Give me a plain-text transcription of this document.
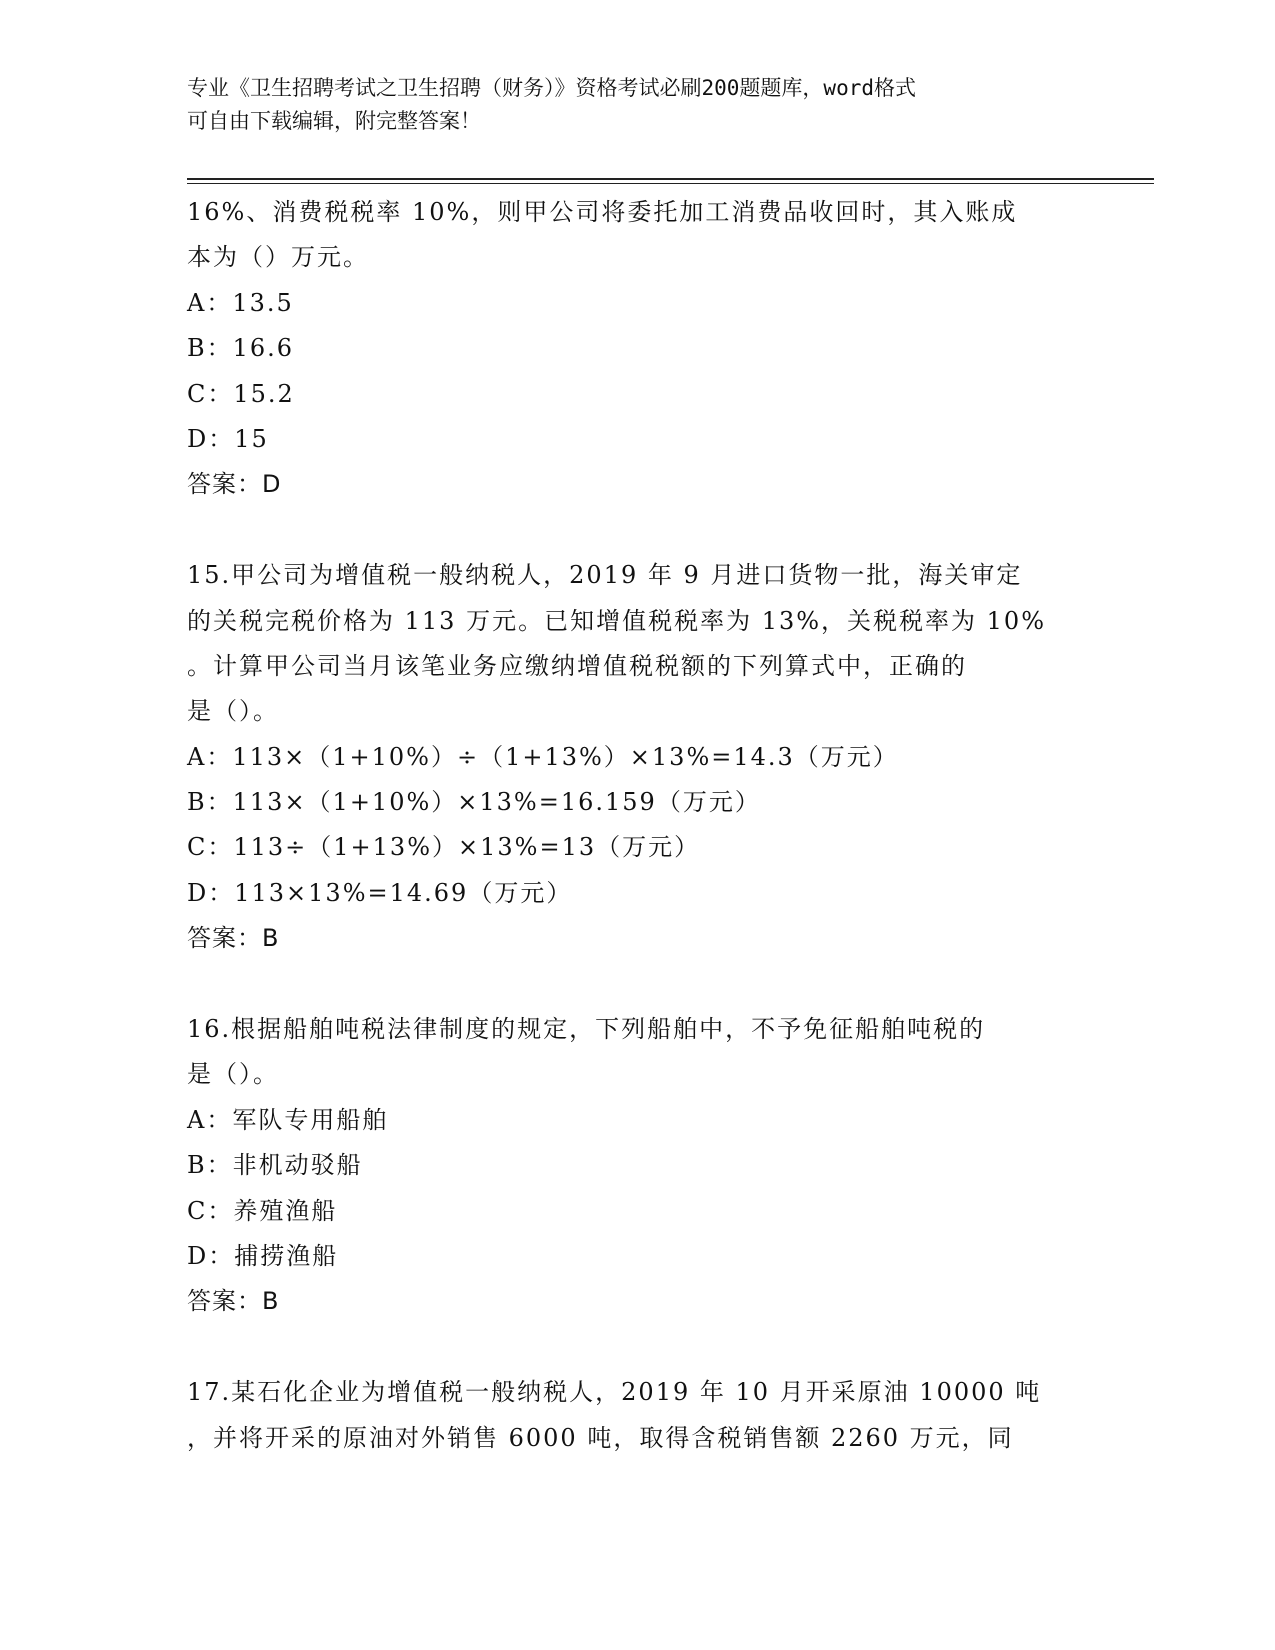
专业《卫生招聘考试之卫生招聘（财务）》资格考试必刷200题题库，word格式
可自由下载编辑，附完整答案！
16%、消费税税率 10%，则甲公司将委托加工消费品收回时，其入账成
本为（）万元。
A：13.5
B：16.6
C：15.2
D：15
答案：D
15.甲公司为增值税一般纳税人，2019 年 9 月进口货物一批，海关审定
的关税完税价格为 113 万元。已知增值税税率为 13%，关税税率为 10%
。计算甲公司当月该笔业务应缴纳增值税税额的下列算式中，正确的
是（）。
A：113×（1+10%）÷（1+13%）×13%=14.3（万元）
B：113×（1+10%）×13%=16.159（万元）
C：113÷（1+13%）×13%=13（万元）
D：113×13%=14.69（万元）
答案：B
16.根据船舶吨税法律制度的规定，下列船舶中，不予免征船舶吨税的
是（）。
A：军队专用船舶
B：非机动驳船
C：养殖渔船
D：捕捞渔船
答案：B
17.某石化企业为增值税一般纳税人，2019 年 10 月开采原油 10000 吨
，并将开采的原油对外销售 6000 吨，取得含税销售额 2260 万元，同
